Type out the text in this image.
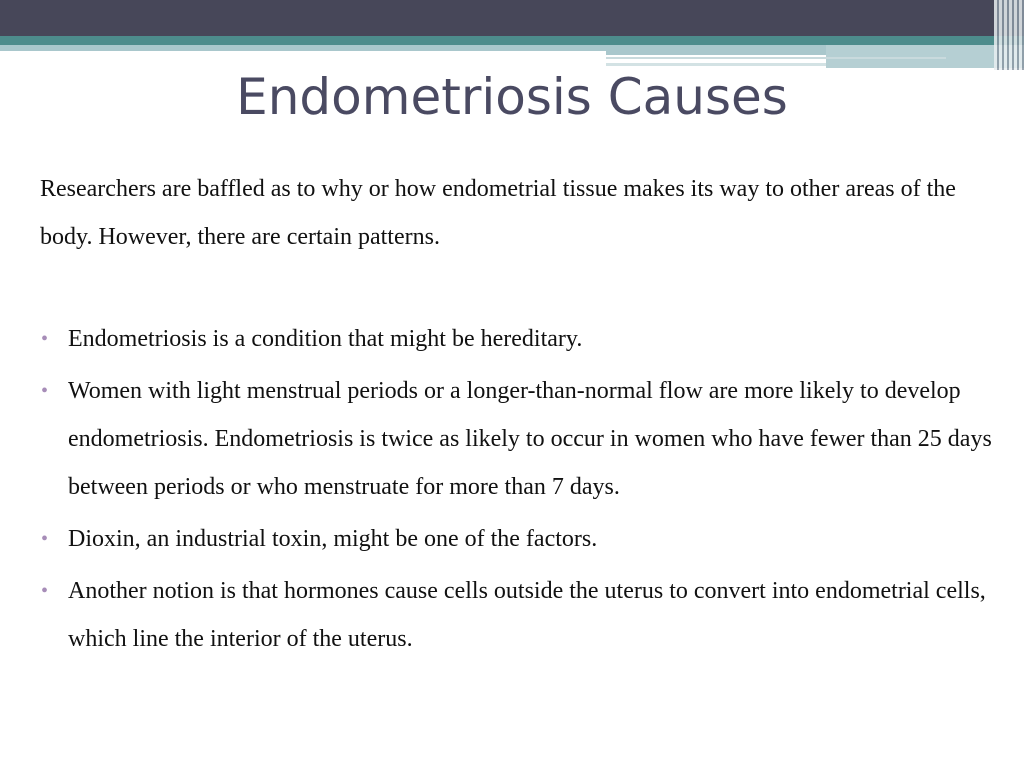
Endometriosis Causes

Researchers are baffled as to why or how endometrial tissue makes its way to other areas of the body. However, there are certain patterns.

• Endometriosis is a condition that might be hereditary.
• Women with light menstrual periods or a longer-than-normal flow are more likely to develop endometriosis. Endometriosis is twice as likely to occur in women who have fewer than 25 days between periods or who menstruate for more than 7 days.
• Dioxin, an industrial toxin, might be one of the factors.
• Another notion is that hormones cause cells outside the uterus to convert into endometrial cells, which line the interior of the uterus.
